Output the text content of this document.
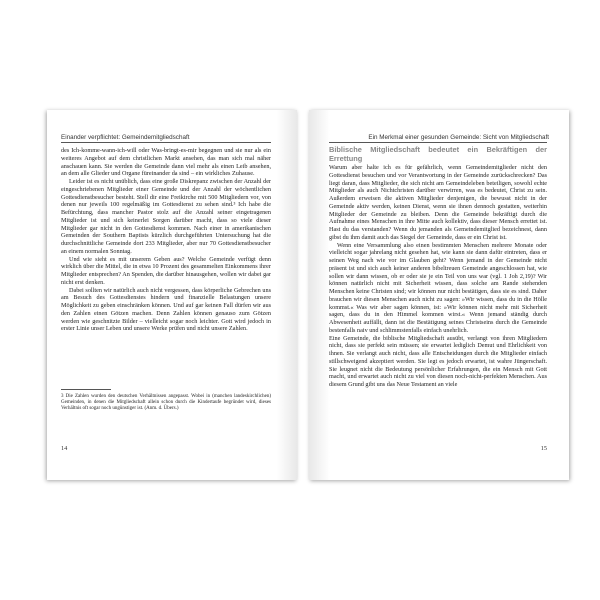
Einander verpflichtet: Gemeindemitgliedschaft

des Ich-komme-wann-ich-will oder Was-bringt-es-mir begegnen und sie nur als ein weiteres Angebot auf dem christlichen Markt ansehen, das man sich mal näher anschauen kann. Sie werden die Gemeinde dann viel mehr als einen Leib ansehen, an dem alle Glieder und Organe füreinander da sind – ein wirkliches Zuhause.

Leider ist es nicht unüblich, dass eine große Diskrepanz zwischen der Anzahl der eingeschriebenen Mitglieder einer Gemeinde und der Anzahl der wöchentlichen Gottesdienstbesucher besteht. Stell dir eine Freikirche mit 500 Mitgliedern vor, von denen nur jeweils 100 regelmäßig im Gottesdienst zu sehen sind.³ Ich habe die Befürchtung, dass mancher Pastor stolz auf die Anzahl seiner eingetragenen Mitglieder ist und sich keinerlei Sorgen darüber macht, dass so viele dieser Mitglieder gar nicht in den Gottesdienst kommen. Nach einer in amerikanischen Gemeinden der Southern Baptists kürzlich durchgeführten Untersuchung hat die durchschnittliche Gemeinde dort 233 Mitglieder, aber nur 70 Gottesdienstbesucher an einem normalen Sonntag.

Und wie sieht es mit unserem Geben aus? Welche Gemeinde verfügt denn wirklich über die Mittel, die in etwa 10 Prozent des gesammelten Einkommens ihrer Mitglieder entsprechen? An Spenden, die darüber hinausgehen, wollen wir dabei gar nicht erst denken.

Dabei sollten wir natürlich auch nicht vergessen, dass körperliche Gebrechen uns am Besuch des Gottesdienstes hindern und finanzielle Belastungen unsere Möglichkeit zu geben einschränken können. Und auf gar keinen Fall dürfen wir aus den Zahlen einen Götzen machen. Denn Zahlen können genauso zum Götzen werden wie geschnitzte Bilder – vielleicht sogar noch leichter. Gott wird jedoch in erster Linie unser Leben und unsere Werke prüfen und nicht unsere Zahlen.

3 Die Zahlen wurden den deutschen Verhältnissen angepasst. Wobei in (manchen landeskirchlichen) Gemeinden, in denen die Mitgliedschaft allein schon durch die Kindertaufe begründet wird, dieses Verhältnis oft sogar noch ungünstiger ist. (Anm. d. Übers.)
14
Ein Merkmal einer gesunden Gemeinde: Sicht von Mitgliedschaft
Biblische Mitgliedschaft bedeutet ein Bekräftigen der Errettung

Warum aber halte ich es für gefährlich, wenn Gemeindemitglieder nicht den Gottesdienst besuchen und vor Verantwortung in der Gemeinde zurückschrecken? Das liegt daran, dass Mitglieder, die sich nicht am Gemeindeleben beteiligen, sowohl echte Mitglieder als auch Nichtchristen darüber verwirren, was es bedeutet, Christ zu sein. Außerdem erweisen die aktiven Mitglieder denjenigen, die bewusst nicht in der Gemeinde aktiv werden, keinen Dienst, wenn sie ihnen dennoch gestatten, weiterhin Mitglieder der Gemeinde zu bleiben. Denn die Gemeinde bekräftigt durch die Aufnahme eines Menschen in ihre Mitte auch kollektiv, dass dieser Mensch errettet ist. Hast du das verstanden? Wenn du jemanden als Gemeindemitglied bezeichnest, dann gibst du ihm damit auch das Siegel der Gemeinde, dass er ein Christ ist.

Wenn eine Versammlung also einen bestimmten Menschen mehrere Monate oder vielleicht sogar jahrelang nicht gesehen hat, wie kann sie dann dafür eintreten, dass er seinen Weg nach wie vor im Glauben geht? Wenn jemand in der Gemeinde nicht präsent ist und sich auch keiner anderen bibeltreuen Gemeinde angeschlossen hat, wie sollen wir dann wissen, ob er oder sie je ein Teil von uns war (vgl. 1 Joh 2,19)? Wir können natürlich nicht mit Sicherheit wissen, dass solche am Rande stehenden Menschen keine Christen sind; wir können nur nicht bestätigen, dass sie es sind. Daher brauchen wir diesen Menschen auch nicht zu sagen: »Wir wissen, dass du in die Hölle kommst.« Was wir aber sagen können, ist: »Wir können nicht mehr mit Sicherheit sagen, dass du in den Himmel kommen wirst.« Wenn jemand ständig durch Abwesenheit auffällt, dann ist die Bestätigung seines Christseins durch die Gemeinde bestenfalls naiv und schlimmstenfalls einfach unehrlich.

Eine Gemeinde, die biblische Mitgliedschaft ausübt, verlangt von ihren Mitgliedern nicht, dass sie perfekt sein müssen; sie erwartet lediglich Demut und Ehrlichkeit von ihnen. Sie verlangt auch nicht, dass alle Entscheidungen durch die Mitglieder einfach stillschweigend akzeptiert werden. Sie legt es jedoch erwartet, ist wahre Jüngerschaft. Sie leugnet nicht die Bedeutung persönlicher Erfahrungen, die ein Mensch mit Gott macht, und erwartet auch nicht zu viel von diesen noch-nicht-perfekten Menschen. Aus diesem Grund gibt uns das Neue Testament an viele

15
